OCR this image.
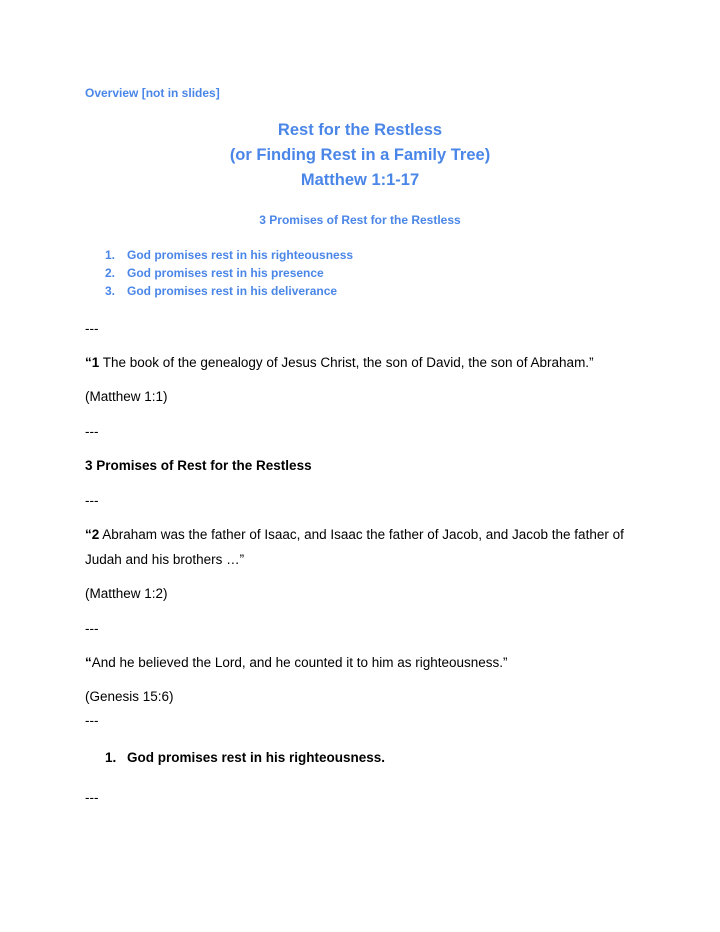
Overview [not in slides]
Rest for the Restless
(or Finding Rest in a Family Tree)
Matthew 1:1-17
3 Promises of Rest for the Restless
1. God promises rest in his righteousness
2. God promises rest in his presence
3. God promises rest in his deliverance
---
“1 The book of the genealogy of Jesus Christ, the son of David, the son of Abraham.”
(Matthew 1:1)
---
3 Promises of Rest for the Restless
---
“2 Abraham was the father of Isaac, and Isaac the father of Jacob, and Jacob the father of Judah and his brothers …”
(Matthew 1:2)
---
“And he believed the Lord, and he counted it to him as righteousness.”
(Genesis 15:6)
---
1. God promises rest in his righteousness.
---
